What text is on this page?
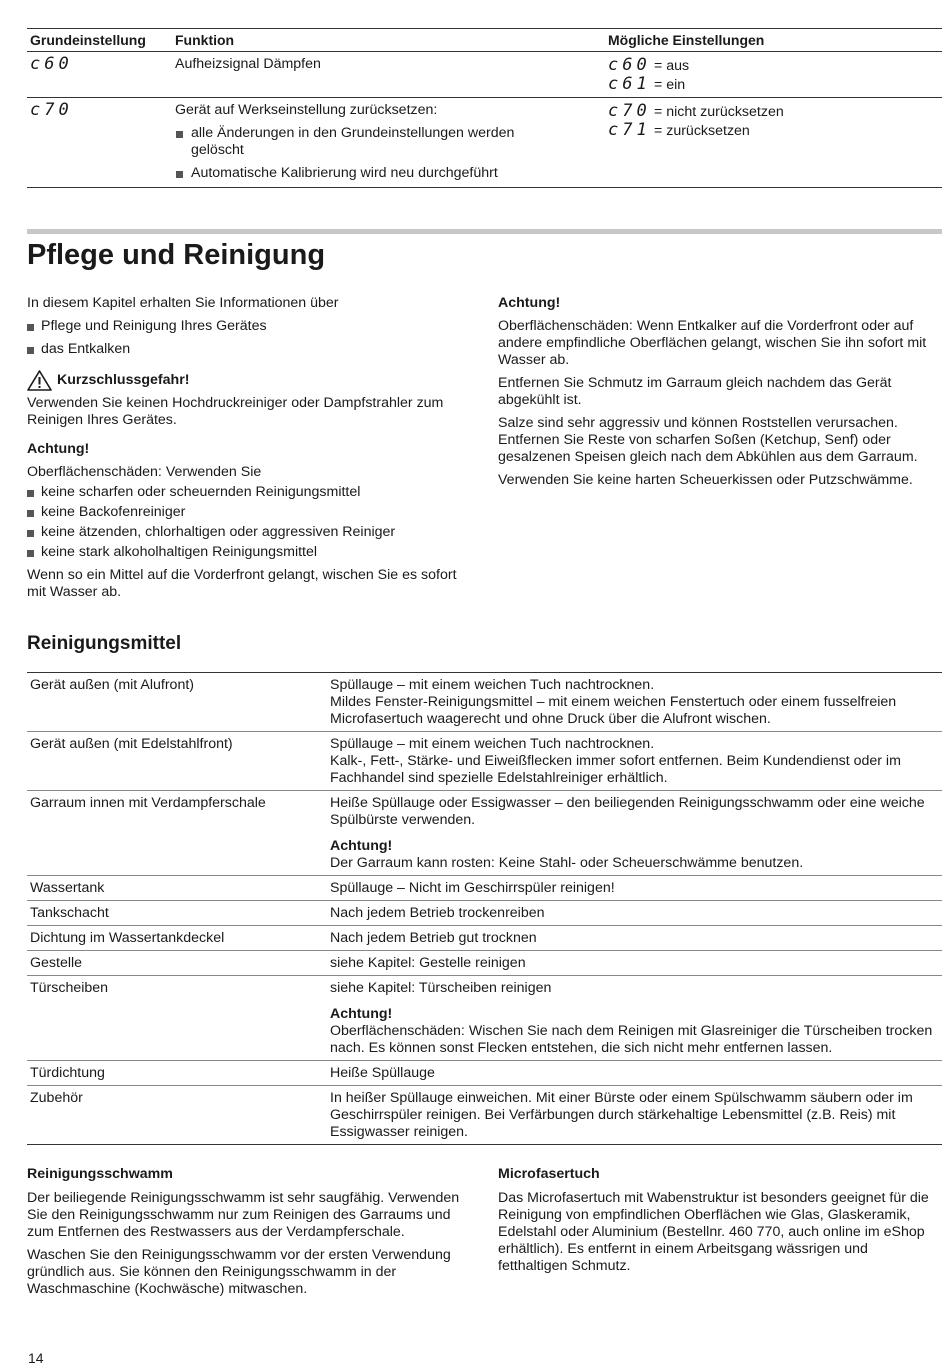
Grundeinstellung	Funktion	Mögliche Einstellungen
c60	Aufheizsignal Dämpfen	c60 = aus
c61 = ein
c70	Gerät auf Werkseinstellung zurücksetzen:
alle Änderungen in den Grundeinstellungen werden gelöscht
Automatische Kalibrierung wird neu durchgeführt
c70 = nicht zurücksetzen
c71 = zurücksetzen
Pflege und Reinigung

In diesem Kapitel erhalten Sie Informationen über

Pflege und Reinigung Ihres Gerätes
das Entkalken
Kurzschlussgefahr!

Verwenden Sie keinen Hochdruckreiniger oder Dampfstrahler zum Reinigen Ihres Gerätes.

Achtung!

Oberflächenschäden: Verwenden Sie

keine scharfen oder scheuernden Reinigungsmittel
keine Backofenreiniger
keine ätzenden, chlorhaltigen oder aggressiven Reiniger
keine stark alkoholhaltigen Reinigungsmittel

Wenn so ein Mittel auf die Vorderfront gelangt, wischen Sie es sofort mit Wasser ab.

Achtung!

Oberflächenschäden: Wenn Entkalker auf die Vorderfront oder auf andere empfindliche Oberflächen gelangt, wischen Sie ihn sofort mit Wasser ab.

Entfernen Sie Schmutz im Garraum gleich nachdem das Gerät abgekühlt ist.

Salze sind sehr aggressiv und können Roststellen verursachen. Entfernen Sie Reste von scharfen Soßen (Ketchup, Senf) oder gesalzenen Speisen gleich nach dem Abkühlen aus dem Garraum.

Verwenden Sie keine harten Scheuerkissen oder Putzschwämme.

Reinigungsmittel
Gerät außen (mit Alufront)	Spüllauge – mit einem weichen Tuch nachtrocknen.
Mildes Fenster-Reinigungsmittel – mit einem weichen Fenstertuch oder einem fusselfreien Microfasertuch waagerecht und ohne Druck über die Alufront wischen.
Gerät außen (mit Edelstahlfront)	Spüllauge – mit einem weichen Tuch nachtrocknen.
Kalk-, Fett-, Stärke- und Eiweißflecken immer sofort entfernen. Beim Kundendienst oder im Fachhandel sind spezielle Edelstahlreiniger erhältlich.
Garraum innen mit Verdampferschale	Heiße Spüllauge oder Essigwasser – den beiliegenden Reinigungsschwamm oder eine weiche Spülbürste verwenden.
Achtung!
Der Garraum kann rosten: Keine Stahl- oder Scheuerschwämme benutzen.
Wassertank	Spüllauge – Nicht im Geschirrspüler reinigen!
Tankschacht	Nach jedem Betrieb trockenreiben
Dichtung im Wassertankdeckel	Nach jedem Betrieb gut trocknen
Gestelle	siehe Kapitel: Gestelle reinigen
Türscheiben	siehe Kapitel: Türscheiben reinigen
Achtung!
Oberflächenschäden: Wischen Sie nach dem Reinigen mit Glasreiniger die Türscheiben trocken nach. Es können sonst Flecken entstehen, die sich nicht mehr entfernen lassen.
Türdichtung	Heiße Spüllauge
Zubehör	In heißer Spüllauge einweichen. Mit einer Bürste oder einem Spülschwamm säubern oder im Geschirrspüler reinigen. Bei Verfärbungen durch stärkehaltige Lebensmittel (z.B. Reis) mit Essigwasser reinigen.
Reinigungsschwamm

Der beiliegende Reinigungsschwamm ist sehr saugfähig. Verwenden Sie den Reinigungsschwamm nur zum Reinigen des Garraums und zum Entfernen des Restwassers aus der Verdampferschale.

Waschen Sie den Reinigungsschwamm vor der ersten Verwendung gründlich aus. Sie können den Reinigungsschwamm in der Waschmaschine (Kochwäsche) mitwaschen.

Microfasertuch

Das Microfasertuch mit Wabenstruktur ist besonders geeignet für die Reinigung von empfindlichen Oberflächen wie Glas, Glaskeramik, Edelstahl oder Aluminium (Bestellnr. 460 770, auch online im eShop erhältlich). Es entfernt in einem Arbeitsgang wässrigen und fetthaltigen Schmutz.

14
